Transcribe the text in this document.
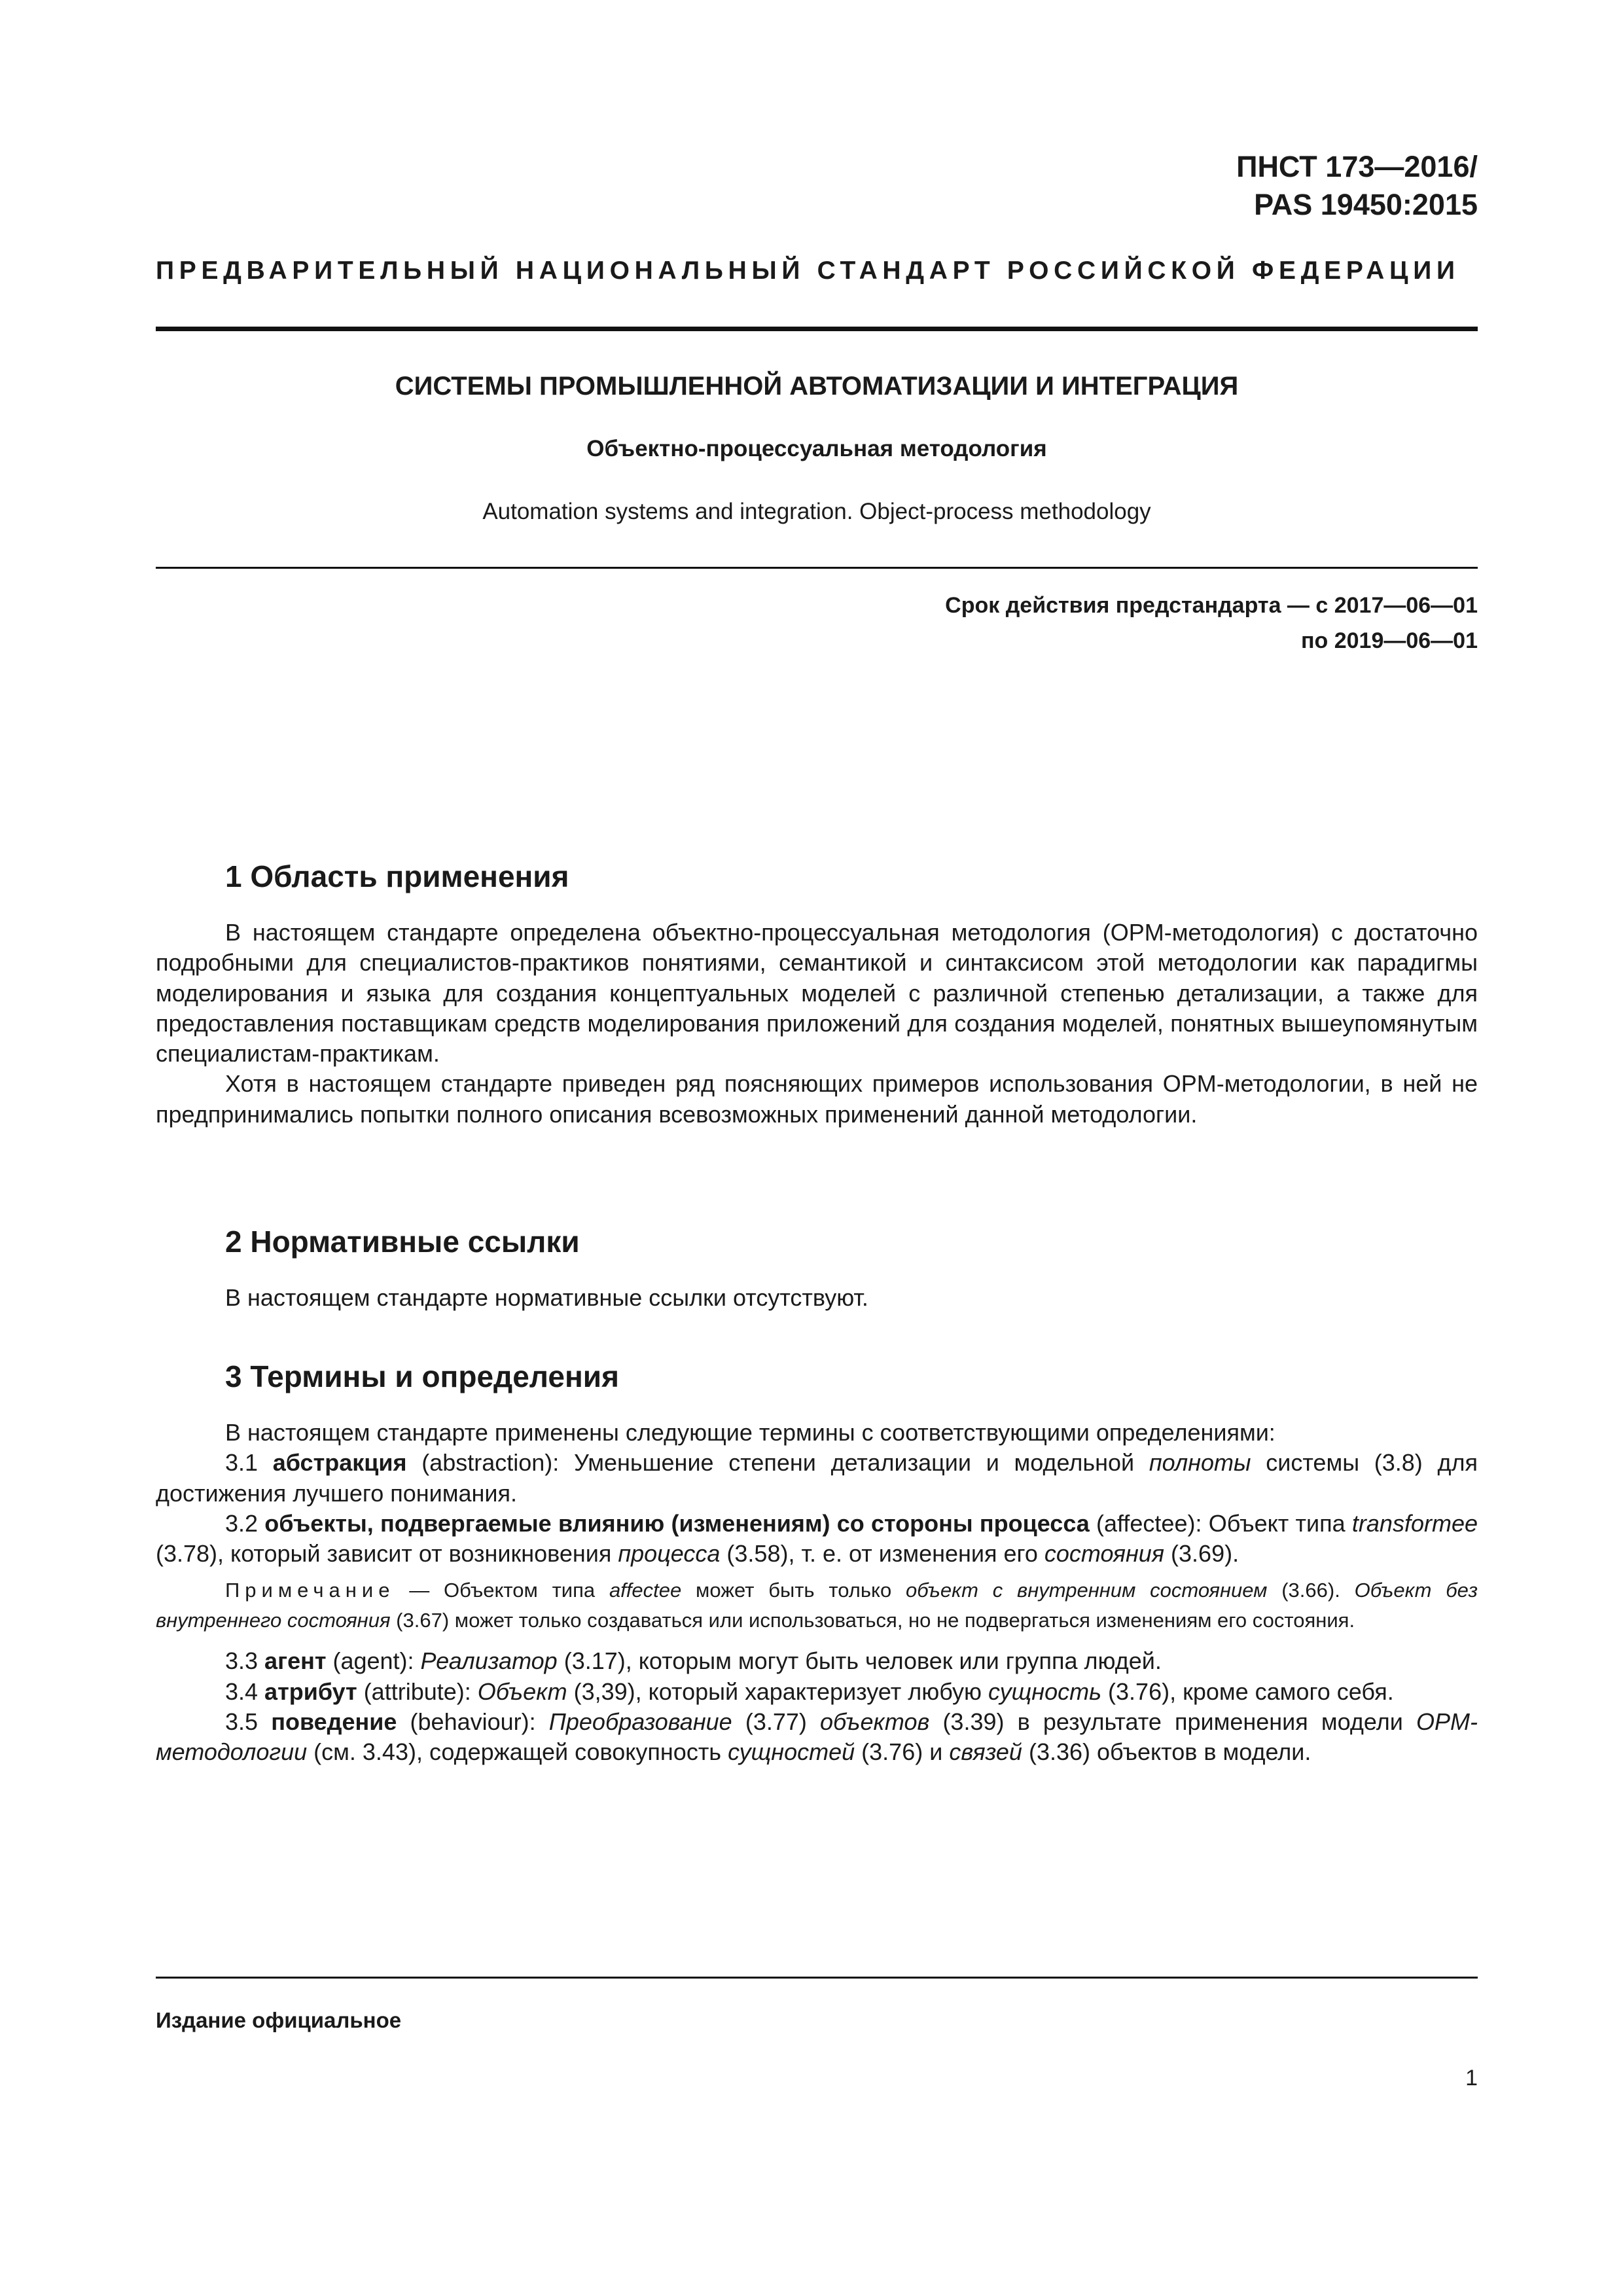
ПНСТ 173—2016/
PAS 19450:2015
ПРЕДВАРИТЕЛЬНЫЙ НАЦИОНАЛЬНЫЙ СТАНДАРТ РОССИЙСКОЙ ФЕДЕРАЦИИ
СИСТЕМЫ ПРОМЫШЛЕННОЙ АВТОМАТИЗАЦИИ И ИНТЕГРАЦИЯ
Объектно-процессуальная методология
Automation systems and integration. Object-process methodology
Срок действия предстандарта — с 2017—06—01
по 2019—06—01
1 Область применения

В настоящем стандарте определена объектно-процессуальная методология (OPM-методология) с достаточно подробными для специалистов-практиков понятиями, семантикой и синтаксисом этой методологии как парадигмы моделирования и языка для создания концептуальных моделей с различной степенью детализации, а также для предоставления поставщикам средств моделирования приложений для создания моделей, понятных вышеупомянутым специалистам-практикам.

Хотя в настоящем стандарте приведен ряд поясняющих примеров использования OPM-методологии, в ней не предпринимались попытки полного описания всевозможных применений данной методологии.

2 Нормативные ссылки

В настоящем стандарте нормативные ссылки отсутствуют.

3 Термины и определения

В настоящем стандарте применены следующие термины с соответствующими определениями:

3.1 абстракция (abstraction): Уменьшение степени детализации и модельной полноты системы (3.8) для достижения лучшего понимания.

3.2 объекты, подвергаемые влиянию (изменениям) со стороны процесса (affectee): Объект типа transformee (3.78), который зависит от возникновения процесса (3.58), т. е. от изменения его состояния (3.69).

Примечание — Объектом типа affectee может быть только объект с внутренним состоянием (3.66). Объект без внутреннего состояния (3.67) может только создаваться или использоваться, но не подвергаться изменениям его состояния.

3.3 агент (agent): Реализатор (3.17), которым могут быть человек или группа людей.

3.4 атрибут (attribute): Объект (3,39), который характеризует любую сущность (3.76), кроме самого себя.

3.5 поведение (behaviour): Преобразование (3.77) объектов (3.39) в результате применения модели OPM-методологии (см. 3.43), содержащей совокупность сущностей (3.76) и связей (3.36) объектов в модели.

Издание официальное
1
